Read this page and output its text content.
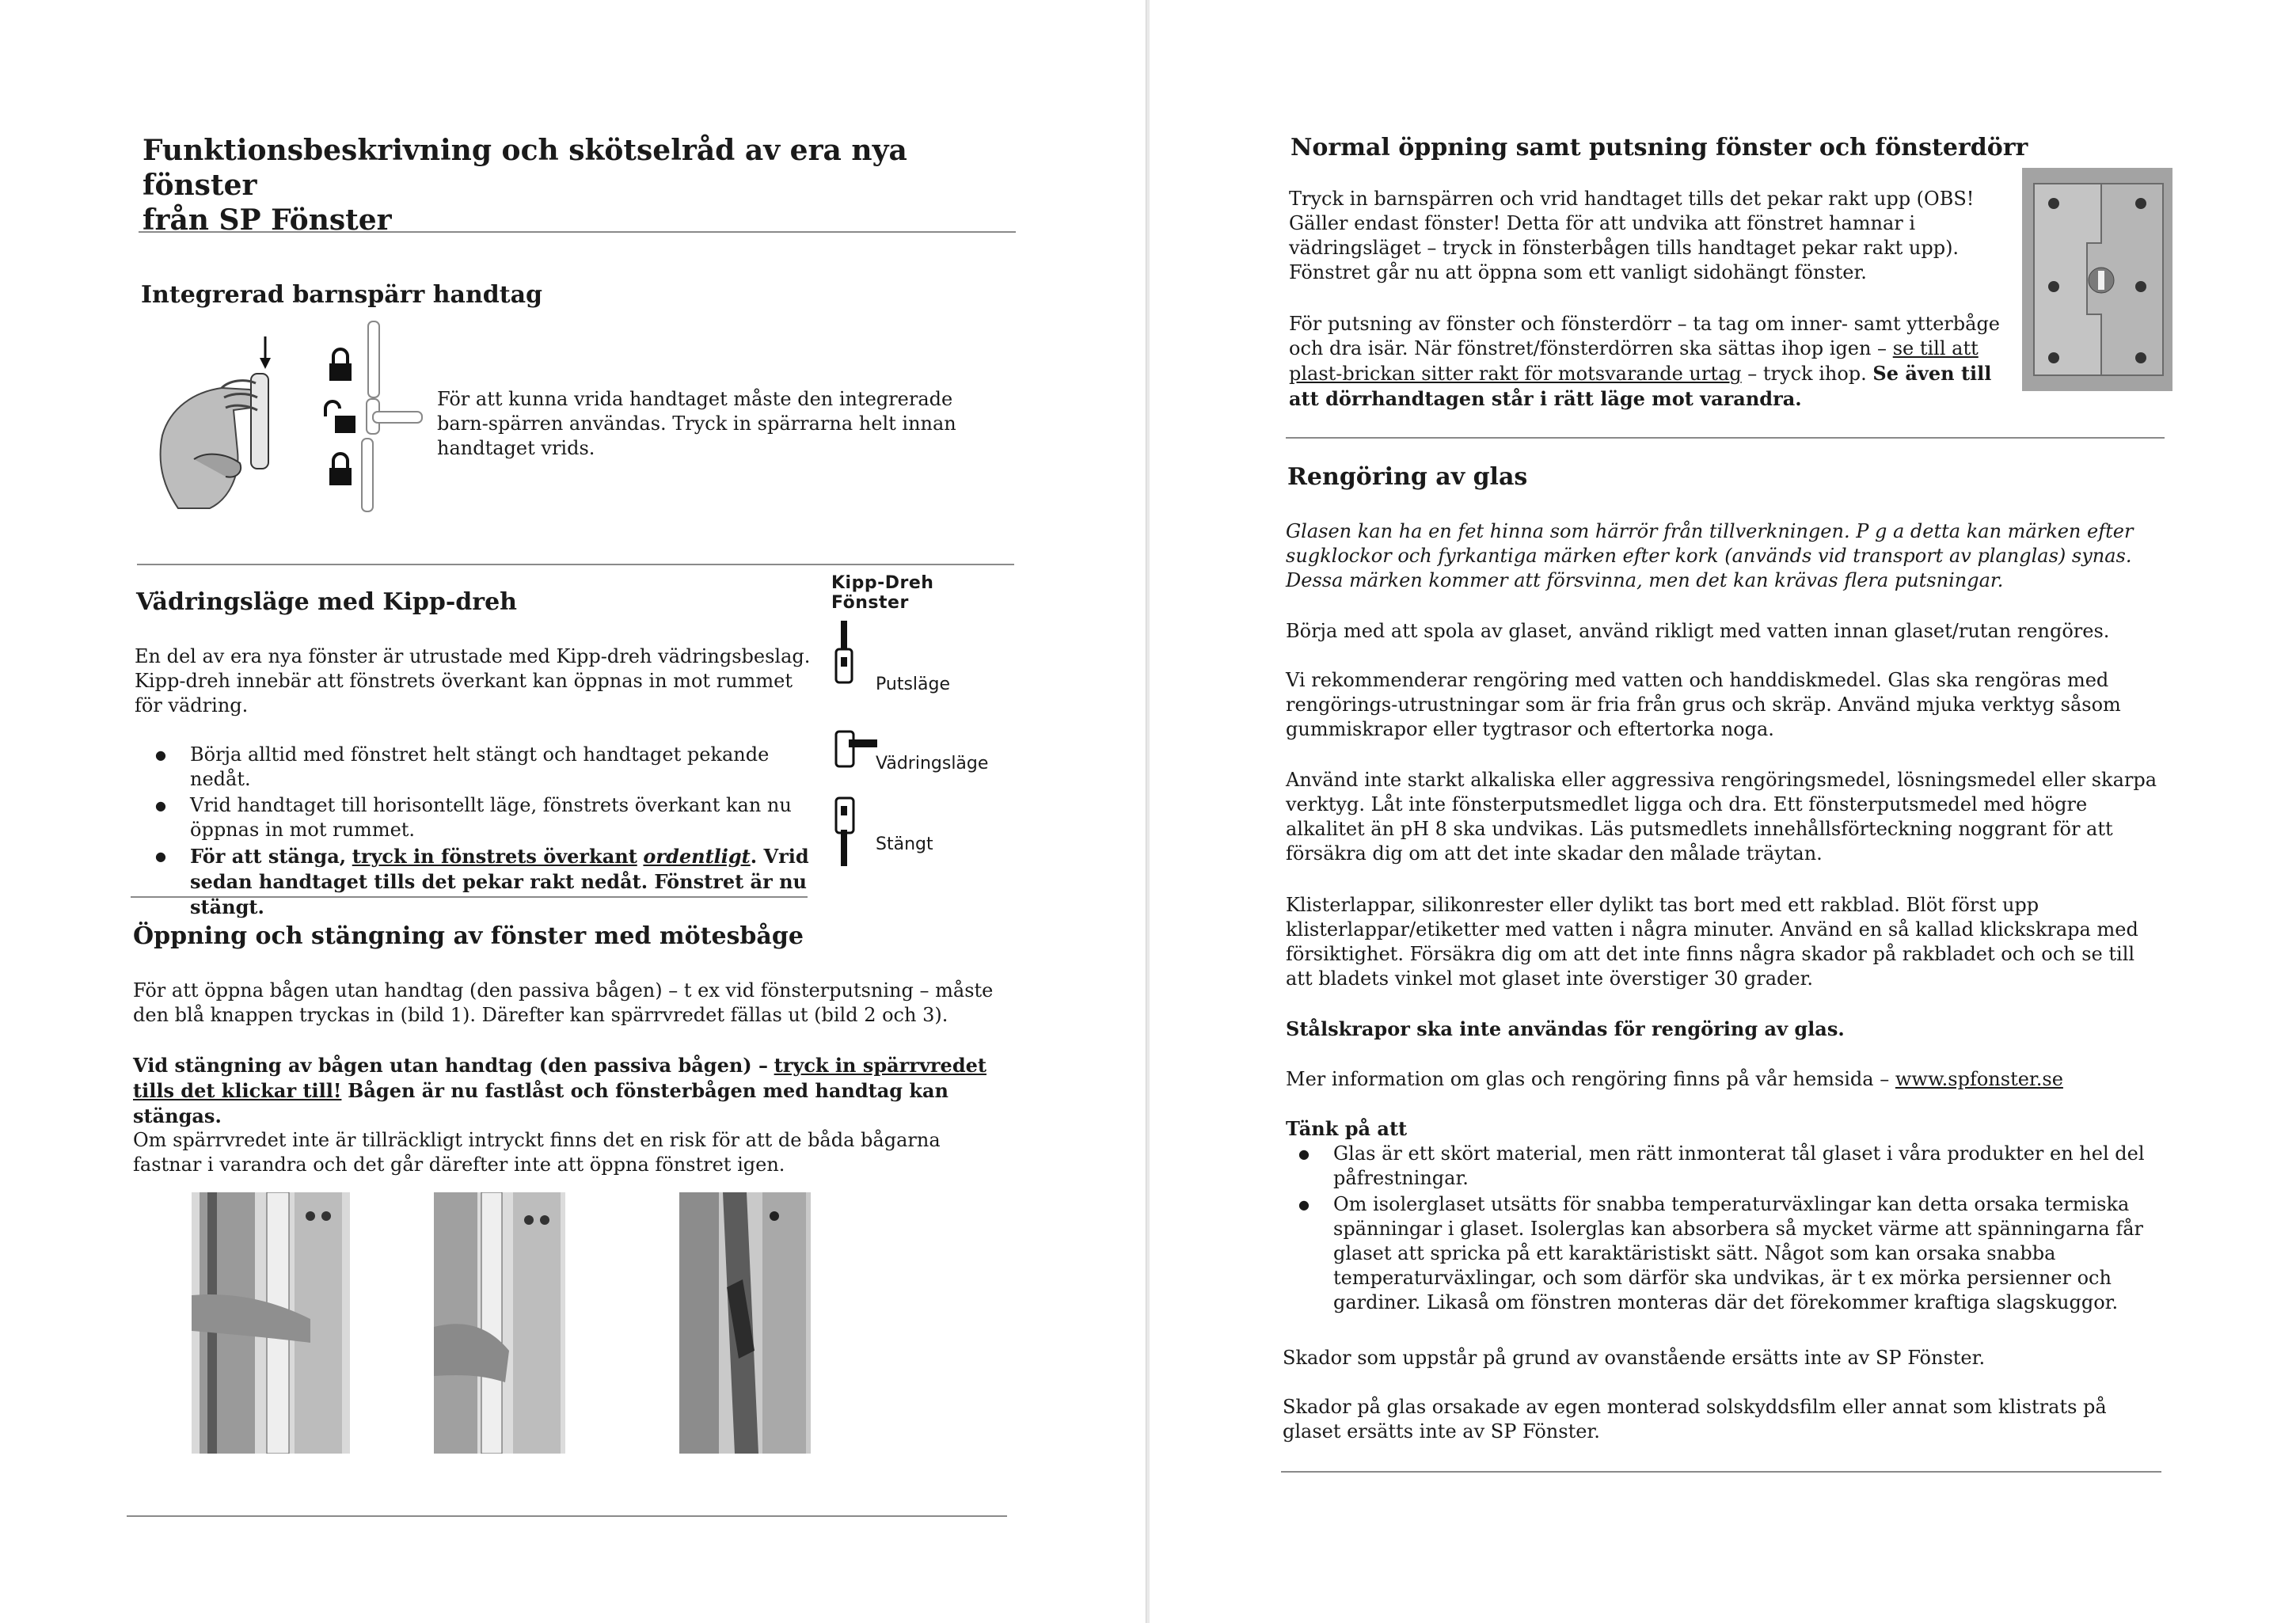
Funktionsbeskrivning och skötselråd av era nya fönster
från SP Fönster
Integrerad barnspärr handtag
För att kunna vrida handtaget måste den integrerade barn-spärren användas. Tryck in spärrarna helt innan handtaget vrids.
Vädringsläge med Kipp-dreh
En del av era nya fönster är utrustade med Kipp-dreh vädringsbeslag. Kipp-dreh innebär att fönstrets överkant kan öppnas in mot rummet för vädring.
● Börja alltid med fönstret helt stängt och handtaget pekande nedåt.
● Vrid handtaget till horisontellt läge, fönstrets överkant kan nu öppnas in mot rummet.
● För att stänga, tryck in fönstrets överkant ordentligt. Vrid sedan handtaget tills det pekar rakt nedåt. Fönstret är nu stängt.
Kipp-Dreh Fönster
Putsläge
Vädringsläge
Stängt
Öppning och stängning av fönster med mötesbåge
För att öppna bågen utan handtag (den passiva bågen) – t ex vid fönsterputsning – måste den blå knappen tryckas in (bild 1). Därefter kan spärrvredet fällas ut (bild 2 och 3).
Vid stängning av bågen utan handtag (den passiva bågen) – tryck in spärrvredet tills det klickar till! Bågen är nu fastlåst och fönsterbågen med handtag kan stängas.
Om spärrvredet inte är tillräckligt intryckt finns det en risk för att de båda bågarna fastnar i varandra och det går därefter inte att öppna fönstret igen.
Normal öppning samt putsning fönster och fönsterdörr
Tryck in barnspärren och vrid handtaget tills det pekar rakt upp (OBS! Gäller endast fönster! Detta för att undvika att fönstret hamnar i vädringsläget – tryck in fönsterbågen tills handtaget pekar rakt upp). Fönstret går nu att öppna som ett vanligt sidohängt fönster.
För putsning av fönster och fönsterdörr – ta tag om inner- samt ytterbåge och dra isär. När fönstret/fönsterdörren ska sättas ihop igen – se till att plast-brickan sitter rakt för motsvarande urtag – tryck ihop. Se även till att dörrhandtagen står i rätt läge mot varandra.
Rengöring av glas
Glasen kan ha en fet hinna som härrör från tillverkningen. P g a detta kan märken efter sugklockor och fyrkantiga märken efter kork (används vid transport av planglas) synas. Dessa märken kommer att försvinna, men det kan krävas flera putsningar.
Börja med att spola av glaset, använd rikligt med vatten innan glaset/rutan rengöres.
Vi rekommenderar rengöring med vatten och handdiskmedel. Glas ska rengöras med rengörings-utrustningar som är fria från grus och skräp. Använd mjuka verktyg såsom gummiskrapor eller tygtrasor och eftertorka noga.
Använd inte starkt alkaliska eller aggressiva rengöringsmedel, lösningsmedel eller skarpa verktyg. Låt inte fönsterputsmedlet ligga och dra. Ett fönsterputsmedel med högre alkalitet än pH 8 ska undvikas. Läs putsmedlets innehållsförteckning noggrant för att försäkra dig om att det inte skadar den målade träytan.
Klisterlappar, silikonrester eller dylikt tas bort med ett rakblad. Blöt först upp klisterlappar/etiketter med vatten i några minuter. Använd en så kallad klickskrapa med försiktighet. Försäkra dig om att det inte finns några skador på rakbladet och och se till att bladets vinkel mot glaset inte överstiger 30 grader.
Stålskrapor ska inte användas för rengöring av glas.
Mer information om glas och rengöring finns på vår hemsida – www.spfonster.se
Tänk på att
● Glas är ett skört material, men rätt inmonterat tål glaset i våra produkter en hel del påfrestningar.
● Om isolerglaset utsätts för snabba temperaturväxlingar kan detta orsaka termiska spänningar i glaset. Isolerglas kan absorbera så mycket värme att spänningarna får glaset att spricka på ett karaktäristiskt sätt. Något som kan orsaka snabba temperaturväxlingar, och som därför ska undvikas, är t ex mörka persienner och gardiner. Likaså om fönstren monteras där det förekommer kraftiga slagskuggor.
Skador som uppstår på grund av ovanstående ersätts inte av SP Fönster.
Skador på glas orsakade av egen monterad solskyddsfilm eller annat som klistrats på glaset ersätts inte av SP Fönster.
